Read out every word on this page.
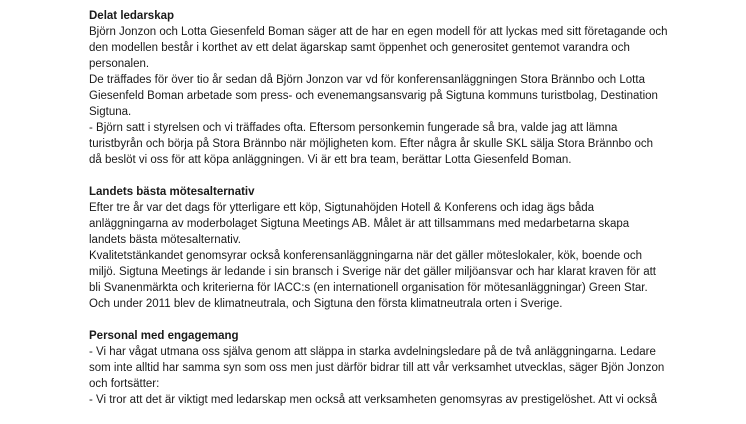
Delat ledarskap

Björn Jonzon och Lotta Giesenfeld Boman säger att de har en egen modell för att lyckas med sitt företagande och

den modellen består i korthet av ett delat ägarskap samt öppenhet och generositet gentemot varandra och

personalen.

De träffades för över tio år sedan då Björn Jonzon var vd för konferensanläggningen Stora Brännbo och Lotta

Giesenfeld Boman arbetade som press- och evenemangsansvarig på Sigtuna kommuns turistbolag, Destination

Sigtuna.

- Björn satt i styrelsen och vi träffades ofta. Eftersom personkemin fungerade så bra, valde jag att lämna

turistbyrån och börja på Stora Brännbo när möjligheten kom. Efter några år skulle SKL sälja Stora Brännbo och

då beslöt vi oss för att köpa anläggningen. Vi är ett bra team, berättar Lotta Giesenfeld Boman.

Landets bästa mötesalternativ

Efter tre år var det dags för ytterligare ett köp, Sigtunahöjden Hotell & Konferens och idag ägs båda

anläggningarna av moderbolaget Sigtuna Meetings AB. Målet är att tillsammans med medarbetarna skapa

landets bästa mötesalternativ.

Kvalitetstänkandet genomsyrar också konferensanläggningarna när det gäller möteslokaler, kök, boende och

miljö. Sigtuna Meetings är ledande i sin bransch i Sverige när det gäller miljöansvar och har klarat kraven för att

bli Svanenmärkta och kriterierna för IACC:s (en internationell organisation för mötesanläggningar) Green Star.

Och under 2011 blev de klimatneutrala, och Sigtuna den första klimatneutrala orten i Sverige.

Personal med engagemang

- Vi har vågat utmana oss själva genom att släppa in starka avdelningsledare på de två anläggningarna. Ledare

som inte alltid har samma syn som oss men just därför bidrar till att vår verksamhet utvecklas, säger Bjön Jonzon

och fortsätter:

- Vi tror att det är viktigt med ledarskap men också att verksamheten genomsyras av prestigelöshet. Att vi också
